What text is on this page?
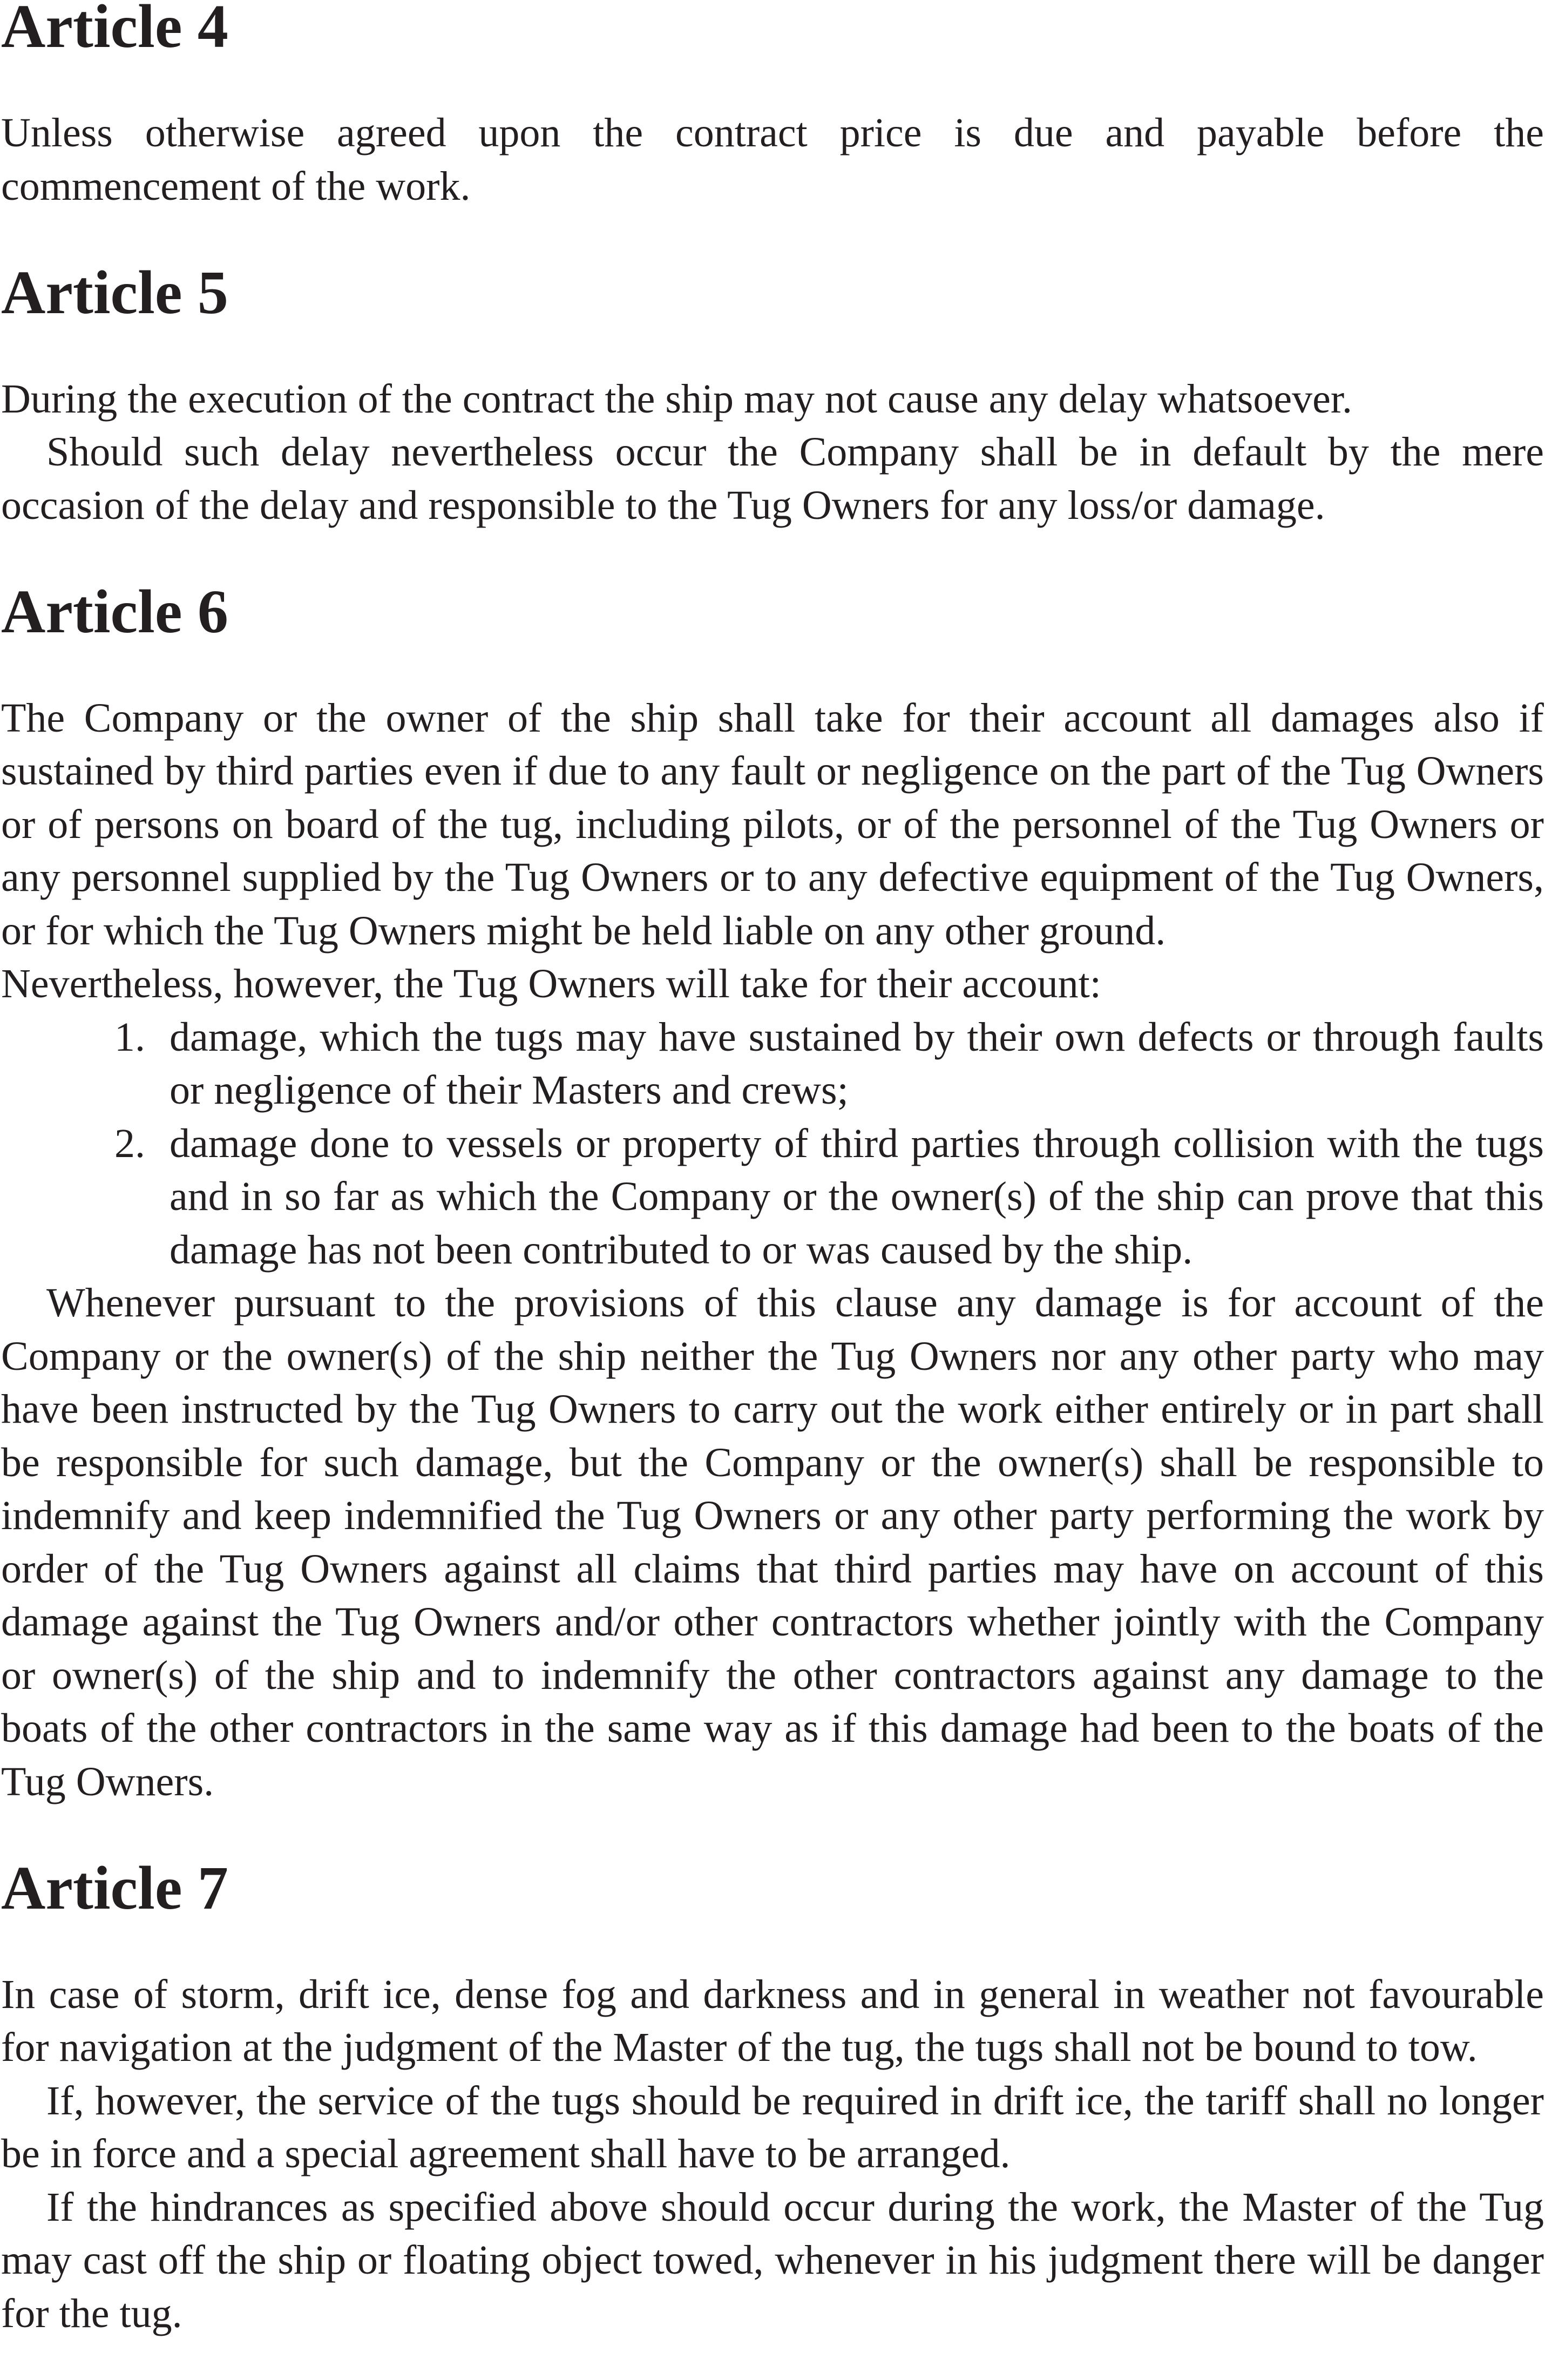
Article 4

Unless otherwise agreed upon the contract price is due and payable before the commencement of the work.

Article 5

During the execution of the contract the ship may not cause any delay whatsoever.

Should such delay nevertheless occur the Company shall be in default by the mere occasion of the delay and responsible to the Tug Owners for any loss/or damage.

Article 6

The Company or the owner of the ship shall take for their account all damages also if sustained by third parties even if due to any fault or negligence on the part of the Tug Owners or of persons on board of the tug, including pilots, or of the personnel of the Tug Owners or any personnel supplied by the Tug Owners or to any defective equipment of the Tug Owners, or for which the Tug Owners might be held liable on any other ground.

Nevertheless, however, the Tug Owners will take for their account:

1. damage, which the tugs may have sustained by their own defects or through faults or negligence of their Masters and crews;
2. damage done to vessels or property of third parties through collision with the tugs and in so far as which the Company or the owner(s) of the ship can prove that this damage has not been contributed to or was caused by the ship.

Whenever pursuant to the provisions of this clause any damage is for account of the Company or the owner(s) of the ship neither the Tug Owners nor any other party who may have been instructed by the Tug Owners to carry out the work either entirely or in part shall be responsible for such damage, but the Company or the owner(s) shall be responsible to indemnify and keep indemnified the Tug Owners or any other party performing the work by order of the Tug Owners against all claims that third parties may have on account of this damage against the Tug Owners and/or other contractors whether jointly with the Company or owner(s) of the ship and to indemnify the other contractors against any damage to the boats of the other contractors in the same way as if this damage had been to the boats of the Tug Owners.

Article 7

In case of storm, drift ice, dense fog and darkness and in general in weather not favourable for navigation at the judgment of the Master of the tug, the tugs shall not be bound to tow.

If, however, the service of the tugs should be required in drift ice, the tariff shall no longer be in force and a special agreement shall have to be arranged.

If the hindrances as specified above should occur during the work, the Master of the Tug may cast off the ship or floating object towed, whenever in his judgment there will be danger for the tug.
